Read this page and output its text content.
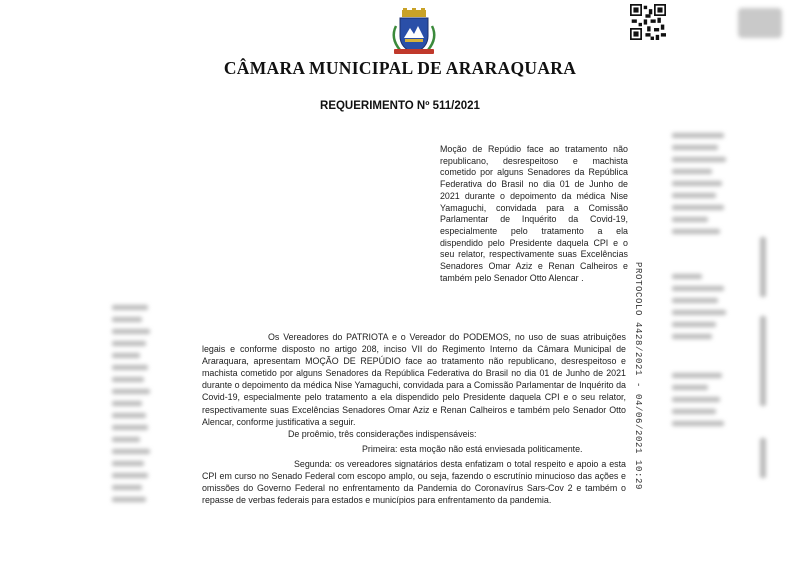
CÂMARA MUNICIPAL DE ARARAQUARA
REQUERIMENTO Nº 511/2021
Moção de Repúdio face ao tratamento não republicano, desrespeitoso e machista cometido por alguns Senadores da República Federativa do Brasil no dia 01 de Junho de 2021 durante o depoimento da médica Nise Yamaguchi, convidada para a Comissão Parlamentar de Inquérito da Covid-19, especialmente pelo tratamento a ela dispendido pelo Presidente daquela CPI e o seu relator, respectivamente suas Excelências Senadores Omar Aziz e Renan Calheiros e também pelo Senador Otto Alencar .	PROTOCOLO 4428/2021 - 04/06/2021 10:29

Os Vereadores do PATRIOTA e o Vereador do PODEMOS, no uso de suas atribuições legais e conforme disposto no artigo 208, inciso VII do Regimento Interno da Câmara Municipal de Araraquara, apresentam MOÇÃO DE REPÚDIO face ao tratamento não republicano, desrespeitoso e machista cometido por alguns Senadores da República Federativa do Brasil no dia 01 de Junho de 2021 durante o depoimento da médica Nise Yamaguchi, convidada para a Comissão Parlamentar de Inquérito da Covid-19, especialmente pelo tratamento a ela dispendido pelo Presidente daquela CPI e o seu relator, respectivamente suas Excelências Senadores Omar Aziz e Renan Calheiros e também pelo Senador Otto Alencar, conforme justificativa a seguir.

De proêmio, três considerações indispensáveis:

Primeira: esta moção não está enviesada politicamente.

Segunda: os vereadores signatários desta enfatizam o total respeito e apoio a esta CPI em curso no Senado Federal com escopo amplo, ou seja, fazendo o escrutínio minucioso das ações e omissões do Governo Federal no enfrentamento da Pandemia do Coronavírus Sars-Cov 2 e também o repasse de verbas federais para estados e municípios para enfrentamento da pandemia.
